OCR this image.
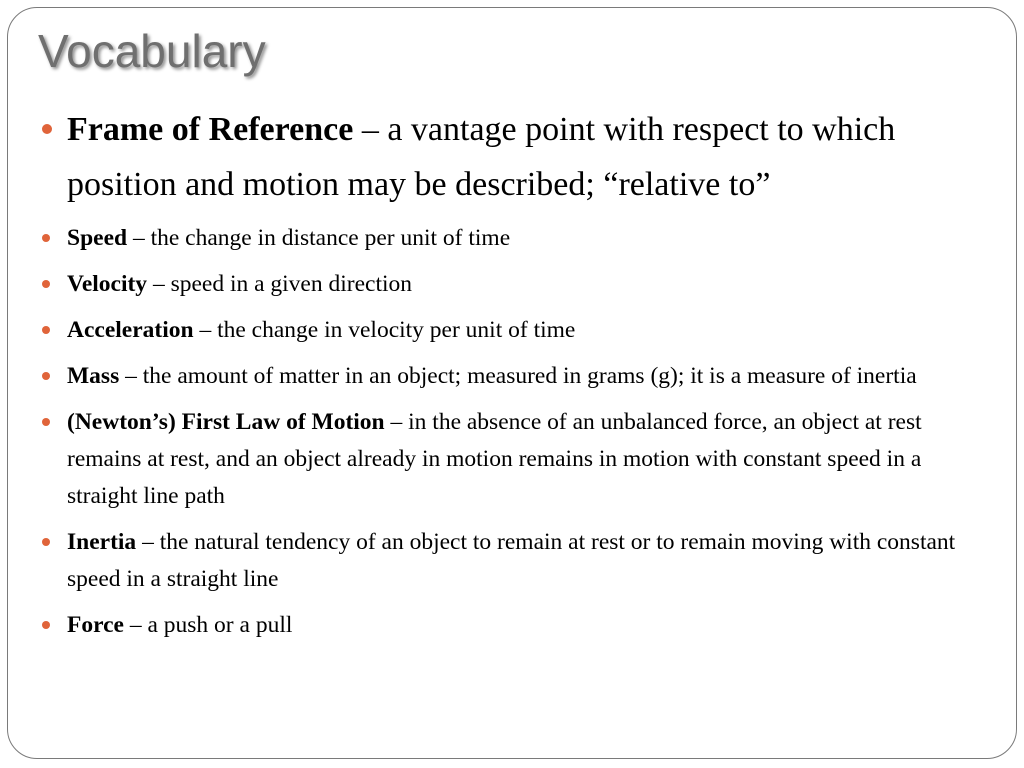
Vocabulary
Frame of Reference – a vantage point with respect to which position and motion may be described; “relative to”
Speed – the change in distance per unit of time
Velocity – speed in a given direction
Acceleration – the change in velocity per unit of time
Mass – the amount of matter in an object; measured in grams (g); it is a measure of inertia
(Newton’s) First Law of Motion – in the absence of an unbalanced force, an object at rest remains at rest, and an object already in motion remains in motion with constant speed in a straight line path
Inertia – the natural tendency of an object to remain at rest or to remain moving with constant speed in a straight line
Force – a push or a pull
